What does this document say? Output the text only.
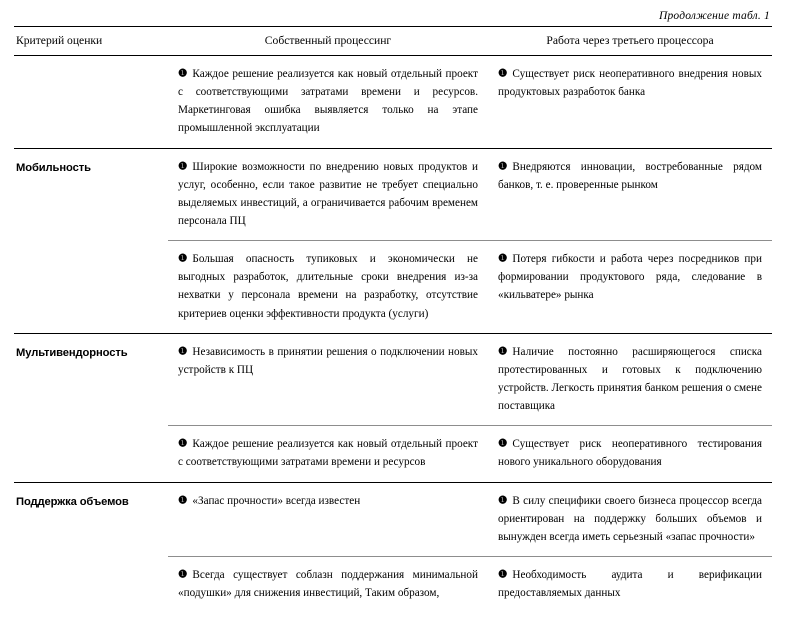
Продолжение табл. 1
Критерий оценки	Собственный процессинг	Работа через третьего процессора
	❶ Каждое решение реализуется как новый отдельный проект с соответствующими затратами времени и ресурсов. Маркетинговая ошибка выявляется только на этапе промышленной эксплуатации	❶ Существует риск неоперативного внедрения новых продуктовых разработок банка
Мобильность	❶ Широкие возможности по внедрению новых продуктов и услуг, особенно, если такое развитие не требует специально выделяемых инвестиций, а ограничивается рабочим временем персонала ПЦ	❶ Внедряются инновации, востребованные рядом банков, т. е. проверенные рынком
	❶ Большая опасность тупиковых и экономически не выгодных разработок, длительные сроки внедрения из-за нехватки у персонала времени на разработку, отсутствие критериев оценки эффективности продукта (услуги)	❶ Потеря гибкости и работа через посредников при формировании продуктового ряда, следование в «кильватере» рынка
Мультивендорность	❶ Независимость в принятии решения о подключении новых устройств к ПЦ	❶ Наличие постоянно расширяющегося списка протестированных и готовых к подключению устройств. Легкость принятия банком решения о смене поставщика
	❶ Каждое решение реализуется как новый отдельный проект с соответствующими затратами времени и ресурсов	❶ Существует риск неоперативного тестирования нового уникального оборудования
Поддержка объемов	❶ «Запас прочности» всегда известен	❶ В силу специфики своего бизнеса процессор всегда ориентирован на поддержку больших объемов и вынужден всегда иметь серьезный «запас прочности»
	❶ Всегда существует соблазн поддержания минимальной «подушки» для снижения инвестиций, Таким образом,	❶ Необходимость аудита и верификации предоставляемых данных
